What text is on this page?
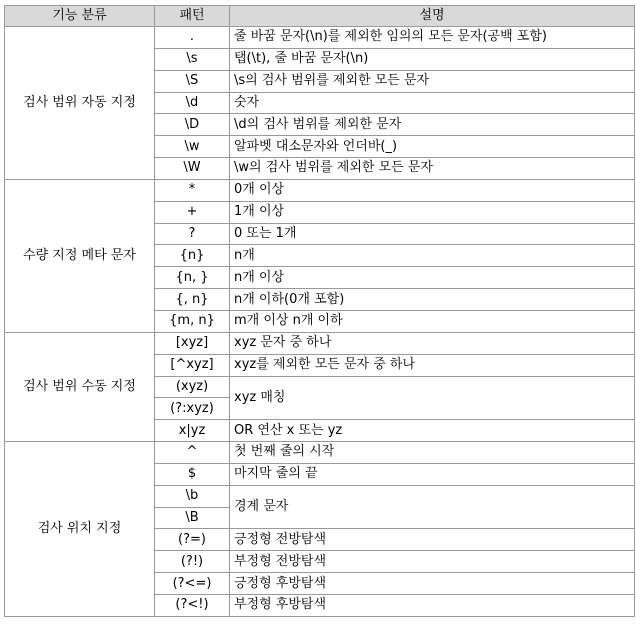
기능 분류	패턴	설명
검사 범위 자동 지정	.	줄 바꿈 문자(\n)를 제외한 임의의 모든 문자(공백 포함)
	\s	탭(\t), 줄 바꿈 문자(\n)
	\S	\s의 검사 범위를 제외한 모든 문자
	\d	숫자
	\D	\d의 검사 범위를 제외한 문자
	\w	알파벳 대소문자와 언더바(_)
	\W	\w의 검사 범위를 제외한 모든 문자
수량 지정 메타 문자	*	0개 이상
	+	1개 이상
	?	0 또는 1개
	{n}	n개
	{n, }	n개 이상
	{, n}	n개 이하(0개 포함)
	{m, n}	m개 이상 n개 이하
검사 범위 수동 지정	[xyz]	xyz 문자 중 하나
	[^xyz]	xyz를 제외한 모든 문자 중 하나
	(xyz)	xyz 매칭
	(?:xyz)	
	x|yz	OR 연산 x 또는 yz
검사 위치 지정	^	첫 번째 줄의 시작
	$	마지막 줄의 끝
	\b	경계 문자
	\B	
	(?=)	긍정형 전방탐색
	(?!)	부정형 전방탐색
	(?<=)	긍정형 후방탐색
	(?<!)	부정형 후방탐색
